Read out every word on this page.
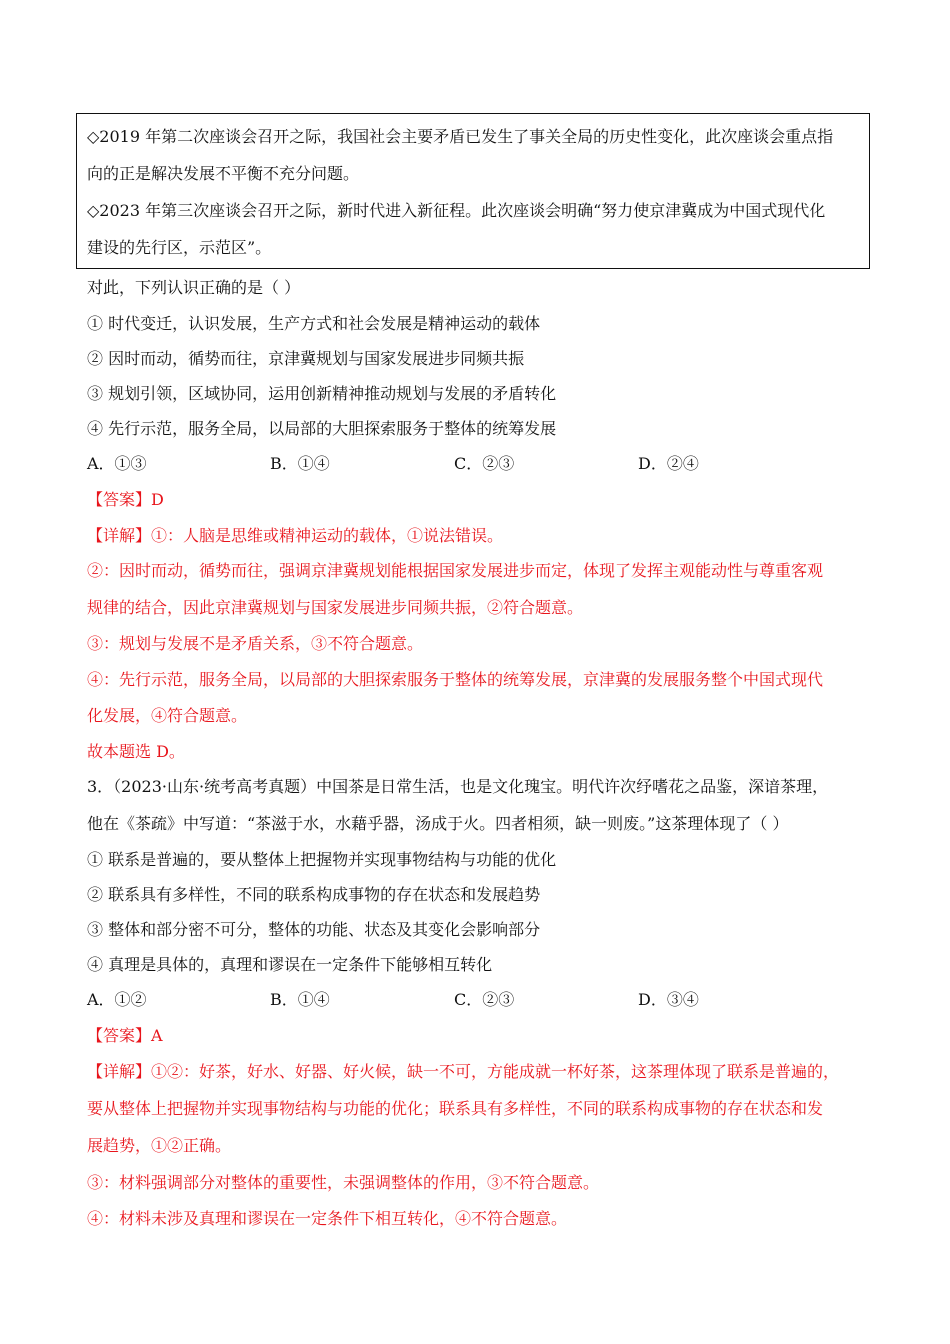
◇2019 年第二次座谈会召开之际，我国社会主要矛盾已发生了事关全局的历史性变化，此次座谈会重点指

向的正是解决发展不平衡不充分问题。

◇2023 年第三次座谈会召开之际，新时代进入新征程。此次座谈会明确“努力使京津冀成为中国式现代化

建设的先行区，示范区”。

对此，下列认识正确的是（ ）
① 时代变迁，认识发展，生产方式和社会发展是精神运动的载体
② 因时而动，循势而往，京津冀规划与国家发展进步同频共振
③ 规划引领，区域协同，运用创新精神推动规划与发展的矛盾转化
④ 先行示范，服务全局，以局部的大胆探索服务于整体的统筹发展
A．①③	B．①④	C．②③	D．②④
【答案】D
【详解】①：人脑是思维或精神运动的载体，①说法错误。
②：因时而动，循势而往，强调京津冀规划能根据国家发展进步而定，体现了发挥主观能动性与尊重客观
规律的结合，因此京津冀规划与国家发展进步同频共振，②符合题意。
③：规划与发展不是矛盾关系，③不符合题意。
④：先行示范，服务全局，以局部的大胆探索服务于整体的统筹发展，京津冀的发展服务整个中国式现代
化发展，④符合题意。
故本题选 D。
3．（2023·山东·统考高考真题）中国茶是日常生活，也是文化瑰宝。明代许次纾嗜花之品鉴，深谙茶理，
他在《茶疏》中写道：“茶滋于水，水藉乎器，汤成于火。四者相须，缺一则废。”这茶理体现了（ ）
① 联系是普遍的，要从整体上把握物并实现事物结构与功能的优化
② 联系具有多样性，不同的联系构成事物的存在状态和发展趋势
③ 整体和部分密不可分，整体的功能、状态及其变化会影响部分
④ 真理是具体的，真理和谬误在一定条件下能够相互转化
A．①②	B．①④	C．②③	D．③④
【答案】A
【详解】①②：好茶，好水、好器、好火候，缺一不可，方能成就一杯好茶，这茶理体现了联系是普遍的，
要从整体上把握物并实现事物结构与功能的优化；联系具有多样性，不同的联系构成事物的存在状态和发
展趋势，①②正确。
③：材料强调部分对整体的重要性，未强调整体的作用，③不符合题意。
④：材料未涉及真理和谬误在一定条件下相互转化，④不符合题意。
